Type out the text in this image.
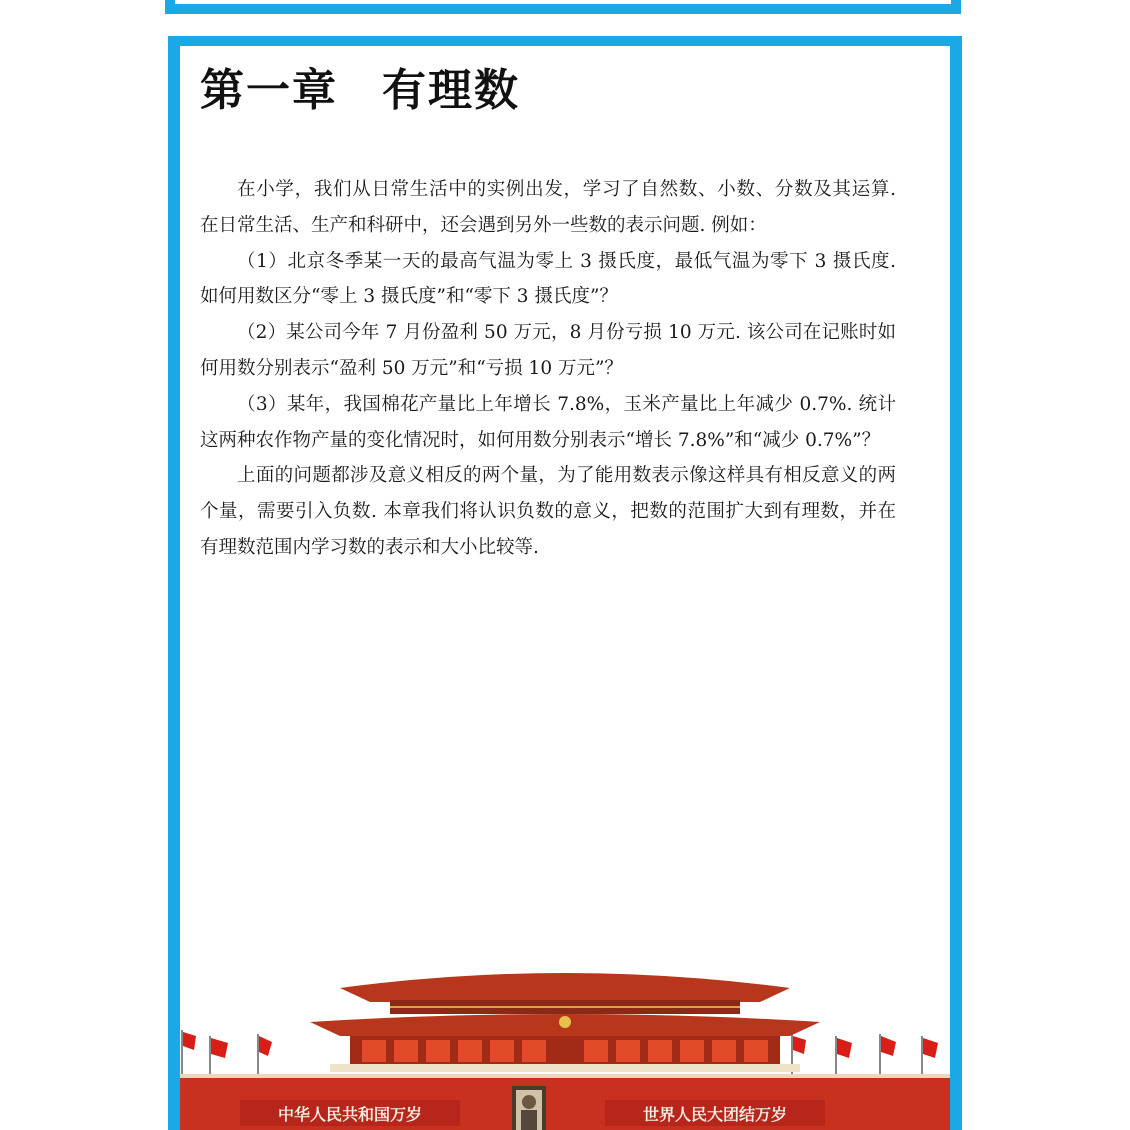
第一章 有理数

在小学，我们从日常生活中的实例出发，学习了自然数、小数、分数及其运算. 在日常生活、生产和科研中，还会遇到另外一些数的表示问题. 例如：

（1）北京冬季某一天的最高气温为零上 3 摄氏度，最低气温为零下 3 摄氏度. 如何用数区分“零上 3 摄氏度”和“零下 3 摄氏度”？

（2）某公司今年 7 月份盈利 50 万元，8 月份亏损 10 万元. 该公司在记账时如何用数分别表示“盈利 50 万元”和“亏损 10 万元”？

（3）某年，我国棉花产量比上年增长 7.8%，玉米产量比上年减少 0.7%. 统计这两种农作物产量的变化情况时，如何用数分别表示“增长 7.8%”和“减少 0.7%”？

上面的问题都涉及意义相反的两个量，为了能用数表示像这样具有相反意义的两个量，需要引入负数. 本章我们将认识负数的意义，把数的范围扩大到有理数，并在有理数范围内学习数的表示和大小比较等.

中华人民共和国万岁	世界人民大团结万岁
